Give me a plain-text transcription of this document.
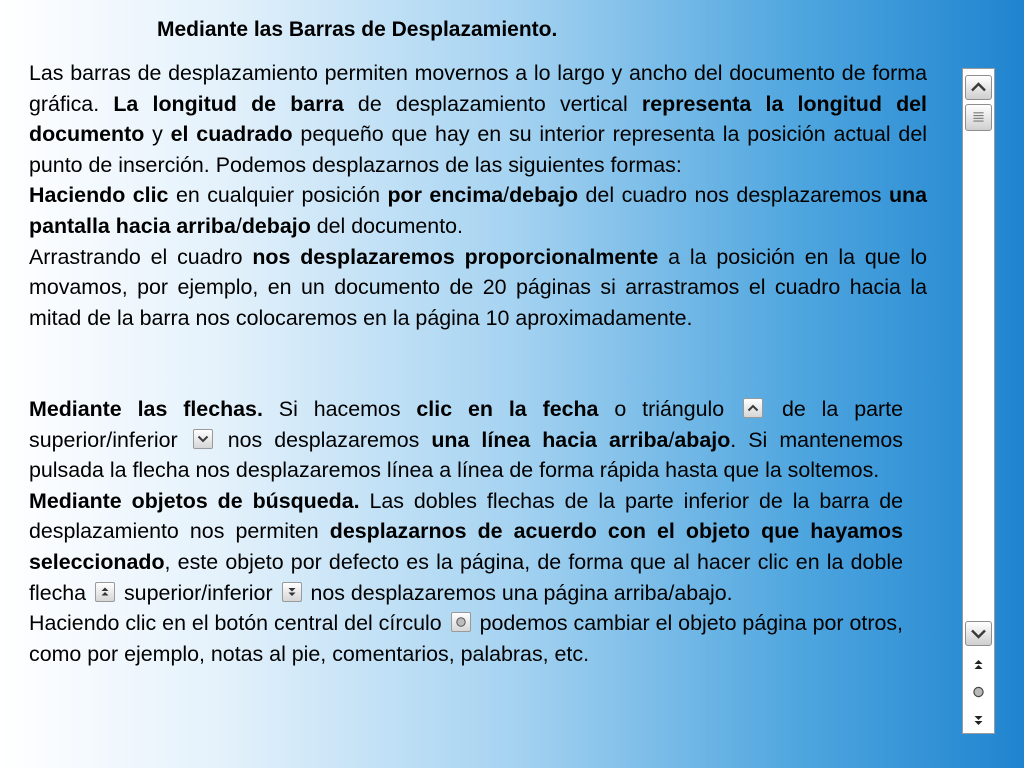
Mediante las Barras de Desplazamiento.

Las barras de desplazamiento permiten movernos a lo largo y ancho del documento de forma gráfica. La longitud de barra de desplazamiento vertical representa la longitud del documento y el cuadrado pequeño que hay en su interior representa la posición actual del punto de inserción. Podemos desplazarnos de las siguientes formas:
Haciendo clic en cualquier posición por encima/debajo del cuadro nos desplazaremos una pantalla hacia arriba/debajo del documento.
Arrastrando el cuadro nos desplazaremos proporcionalmente a la posición en la que lo movamos, por ejemplo, en un documento de 20 páginas si arrastramos el cuadro hacia la mitad de la barra nos colocaremos en la página 10 aproximadamente.

Mediante las flechas. Si hacemos clic en la fecha o triángulo
de la parte superior/inferior
nos desplazaremos una línea hacia arriba/abajo. Si mantenemos pulsada la flecha nos desplazaremos línea a línea de forma rápida hasta que la soltemos.
Mediante objetos de búsqueda. Las dobles flechas de la parte inferior de la barra de desplazamiento nos permiten desplazarnos de acuerdo con el objeto que hayamos seleccionado, este objeto por defecto es la página, de forma que al hacer clic en la doble flecha
superior/inferior
nos desplazaremos una página arriba/abajo.
Haciendo clic en el botón central del círculo
podemos cambiar el objeto página por otros, como por ejemplo, notas al pie, comentarios, palabras, etc.
